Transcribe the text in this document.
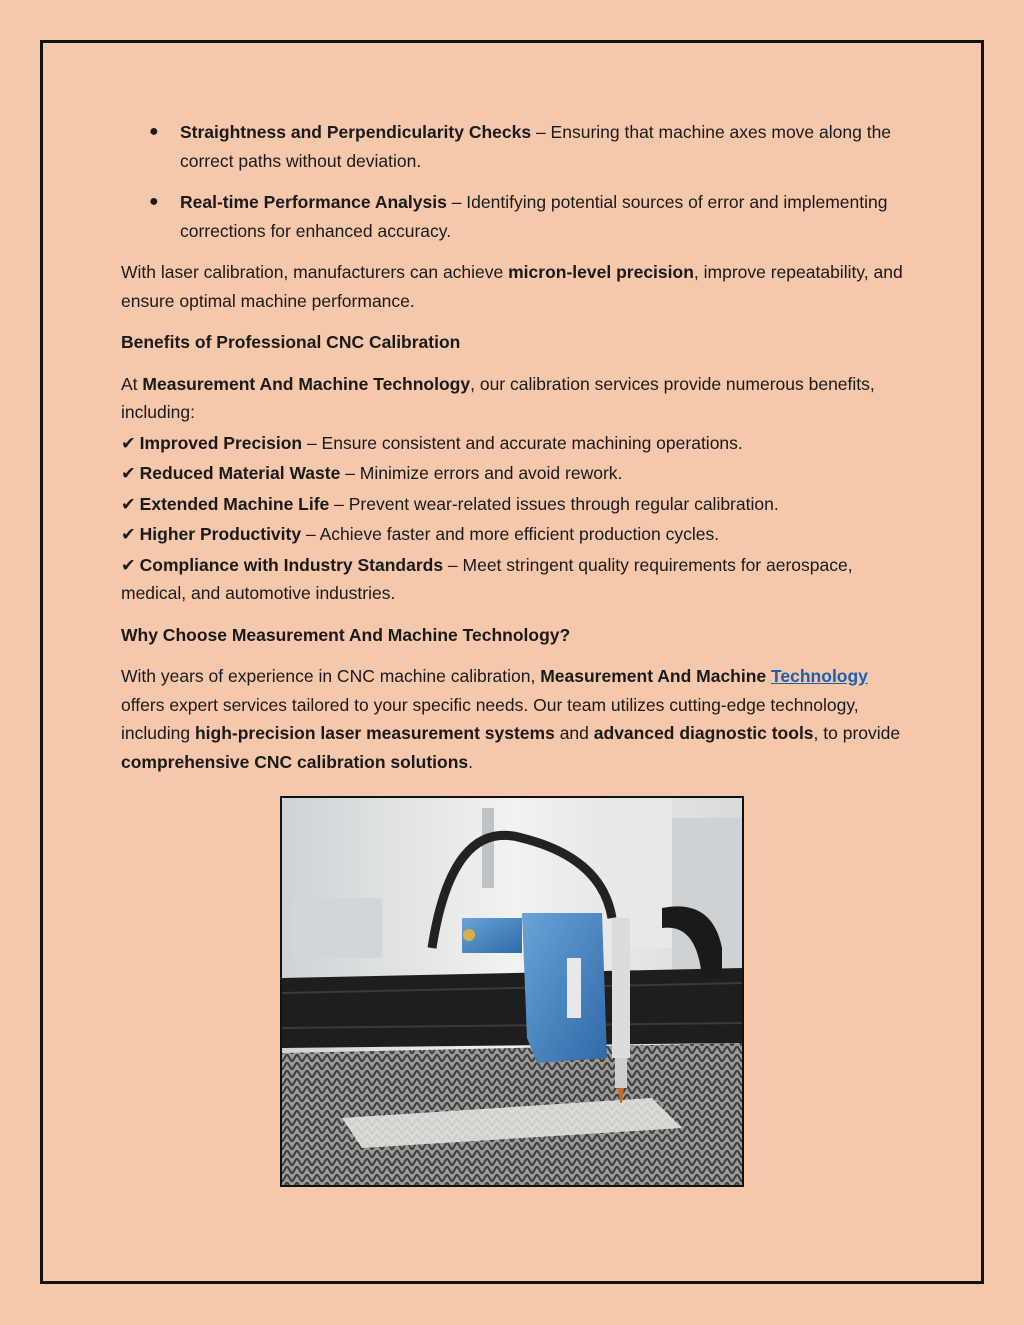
● Straightness and Perpendicularity Checks – Ensuring that machine axes move along the correct paths without deviation.
● Real-time Performance Analysis – Identifying potential sources of error and implementing corrections for enhanced accuracy.

With laser calibration, manufacturers can achieve micron-level precision, improve repeatability, and ensure optimal machine performance.

Benefits of Professional CNC Calibration

At Measurement And Machine Technology, our calibration services provide numerous benefits, including:

✔ Improved Precision – Ensure consistent and accurate machining operations.
✔ Reduced Material Waste – Minimize errors and avoid rework.
✔ Extended Machine Life – Prevent wear-related issues through regular calibration.
✔ Higher Productivity – Achieve faster and more efficient production cycles.
✔ Compliance with Industry Standards – Meet stringent quality requirements for aerospace, medical, and automotive industries.
Why Choose Measurement And Machine Technology?

With years of experience in CNC machine calibration, Measurement And Machine Technology offers expert services tailored to your specific needs. Our team utilizes cutting-edge technology, including high-precision laser measurement systems and advanced diagnostic tools, to provide comprehensive CNC calibration solutions.
